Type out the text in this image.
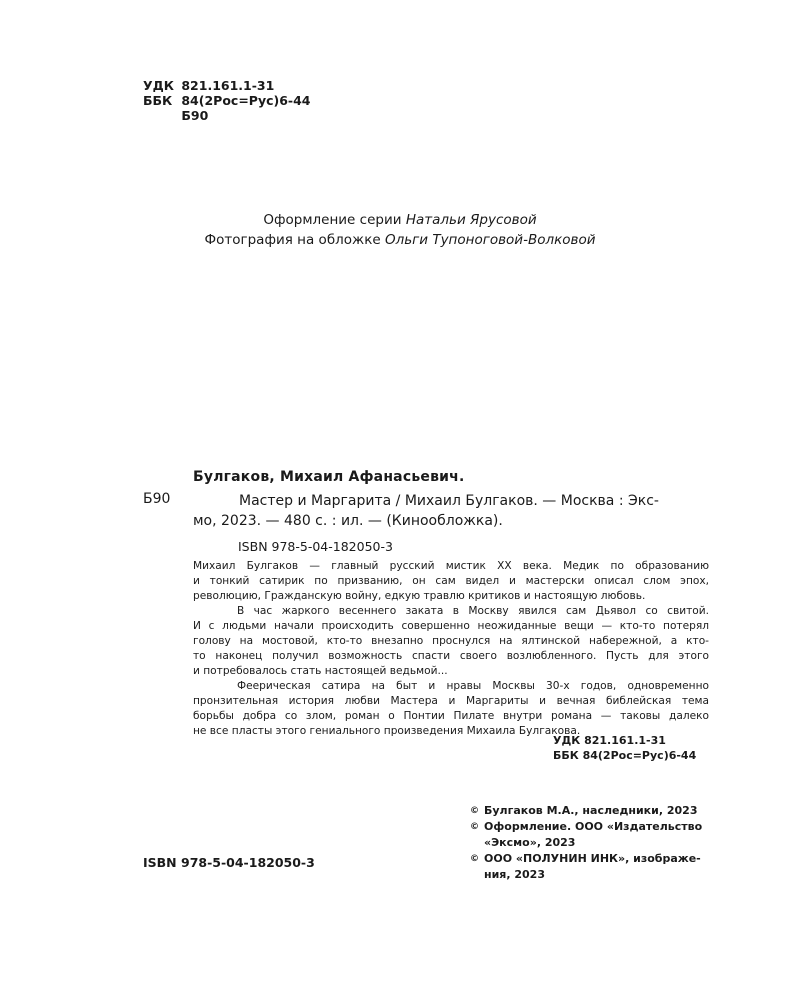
УДК 821.161.1-31
ББК 84(2Рос=Рус)6-44
Б90
Оформление серии Натальи Ярусовой
Фотография на обложке Ольги Тупоноговой-Волковой
Булгаков, Михаил Афанасьевич.
Б90	Мастер и Маргарита / Михаил Булгаков. — Москва : Экс-
мо, 2023. — 480 с. : ил. — (Кинообложка).
ISBN 978-5-04-182050-3
Михаил Булгаков — главный русский мистик XX века. Медик по образованию
и тонкий сатирик по призванию, он сам видел и мастерски описал слом эпох,
революцию, Гражданскую войну, едкую травлю критиков и настоящую любовь.
В час жаркого весеннего заката в Москву явился сам Дьявол со свитой.
И с людьми начали происходить совершенно неожиданные вещи — кто-то потерял
голову на мостовой, кто-то внезапно проснулся на ялтинской набережной, а кто-
то наконец получил возможность спасти своего возлюбленного. Пусть для этого
и потребовалось стать настоящей ведьмой...
Феерическая сатира на быт и нравы Москвы 30-х годов, одновременно
пронзительная история любви Мастера и Маргариты и вечная библейская тема
борьбы добра со злом, роман о Понтии Пилате внутри романа — таковы далеко
не все пласты этого гениального произведения Михаила Булгакова.
УДК 821.161.1-31
ББК 84(2Рос=Рус)6-44
© Булгаков М.А., наследники, 2023
© Оформление. ООО «Издательство
«Эксмо», 2023
© ООО «ПОЛУНИН ИНК», изображе-
ния, 2023
ISBN 978-5-04-182050-3
